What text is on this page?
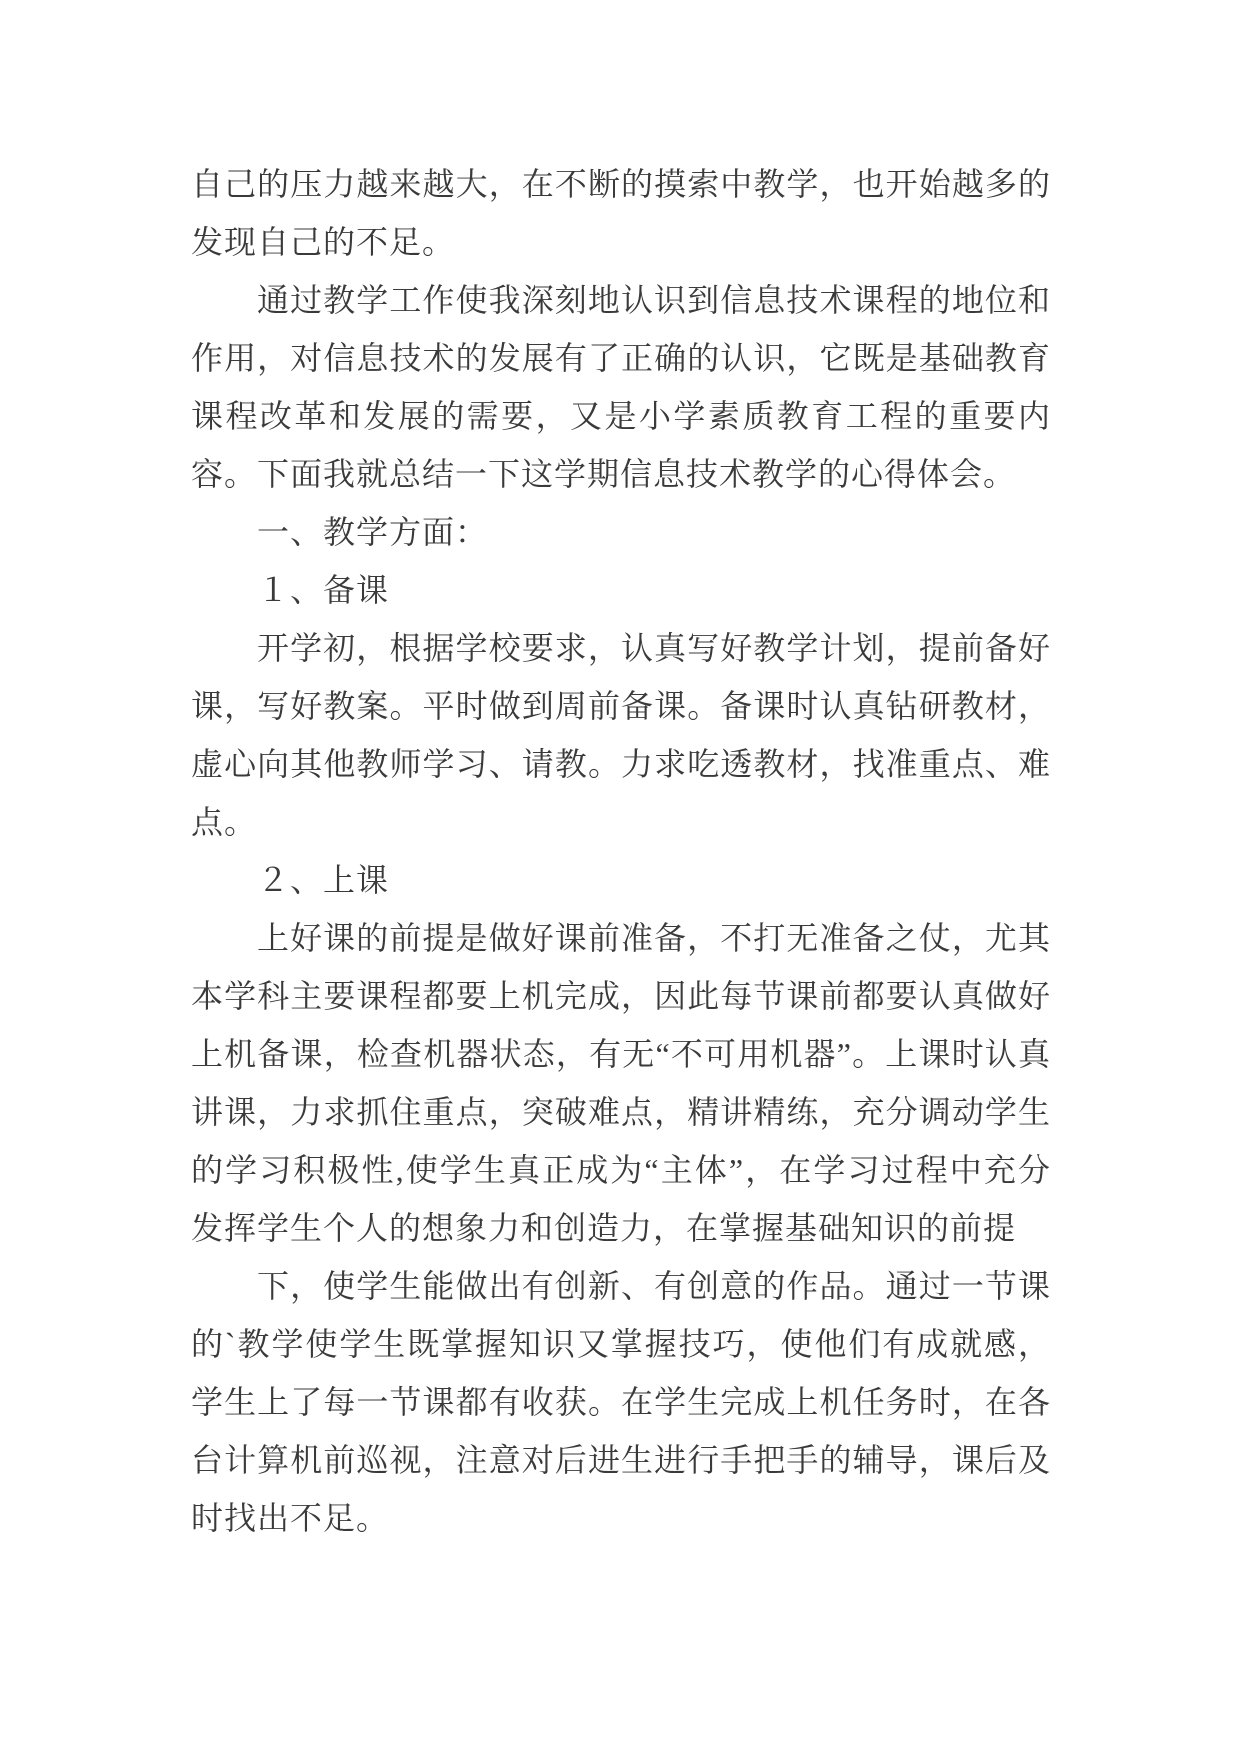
自己的压力越来越大，在不断的摸索中教学，也开始越多的发现自己的不足。

通过教学工作使我深刻地认识到信息技术课程的地位和作用，对信息技术的发展有了正确的认识，它既是基础教育课程改革和发展的需要，又是小学素质教育工程的重要内容。下面我就总结一下这学期信息技术教学的心得体会。

一、教学方面：

１、备课

开学初，根据学校要求，认真写好教学计划，提前备好课，写好教案。平时做到周前备课。备课时认真钻研教材，虚心向其他教师学习、请教。力求吃透教材，找准重点、难点。

２、上课

上好课的前提是做好课前准备，不打无准备之仗，尤其本学科主要课程都要上机完成，因此每节课前都要认真做好上机备课，检查机器状态，有无“不可用机器”。上课时认真讲课，力求抓住重点，突破难点，精讲精练，充分调动学生的学习积极性,使学生真正成为“主体”，在学习过程中充分发挥学生个人的想象力和创造力，在掌握基础知识的前提

下，使学生能做出有创新、有创意的作品。通过一节课的`教学使学生既掌握知识又掌握技巧，使他们有成就感，学生上了每一节课都有收获。在学生完成上机任务时，在各台计算机前巡视，注意对后进生进行手把手的辅导，课后及时找出不足。
